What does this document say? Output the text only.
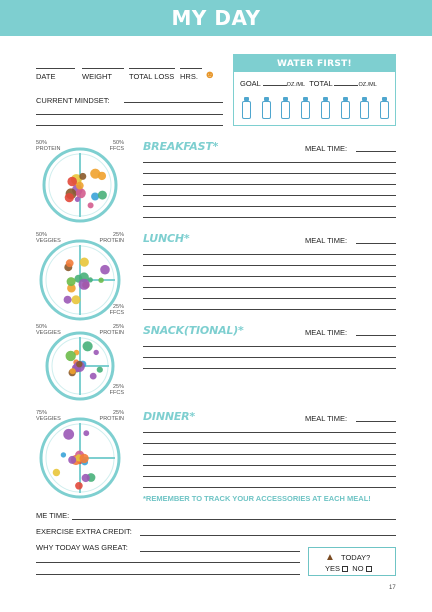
MY DAY
DATE	WEIGHT TOTAL LOSS HRS. ☻
CURRENT MINDSET:
WATER FIRST!
GOAL	OZ./ML TOTAL	OZ./ML
BREAKFAST*	MEAL TIME:
50%
PROTEIN
50%
FFCS
LUNCH*	MEAL TIME:
50%
VEGGIES
25%
PROTEIN
25%
FFCS
SNACK(TIONAL)*	MEAL TIME:
50%
VEGGIES
25%
PROTEIN
25%
FFCS
DINNER*	MEAL TIME:
75%
VEGGIES
25%
PROTEIN
*REMEMBER TO TRACK YOUR ACCESSORIES AT EACH MEAL!
ME TIME:
EXERCISE EXTRA CREDIT:
WHY TODAY WAS GREAT:
▲ TODAY?
YES NO
17
